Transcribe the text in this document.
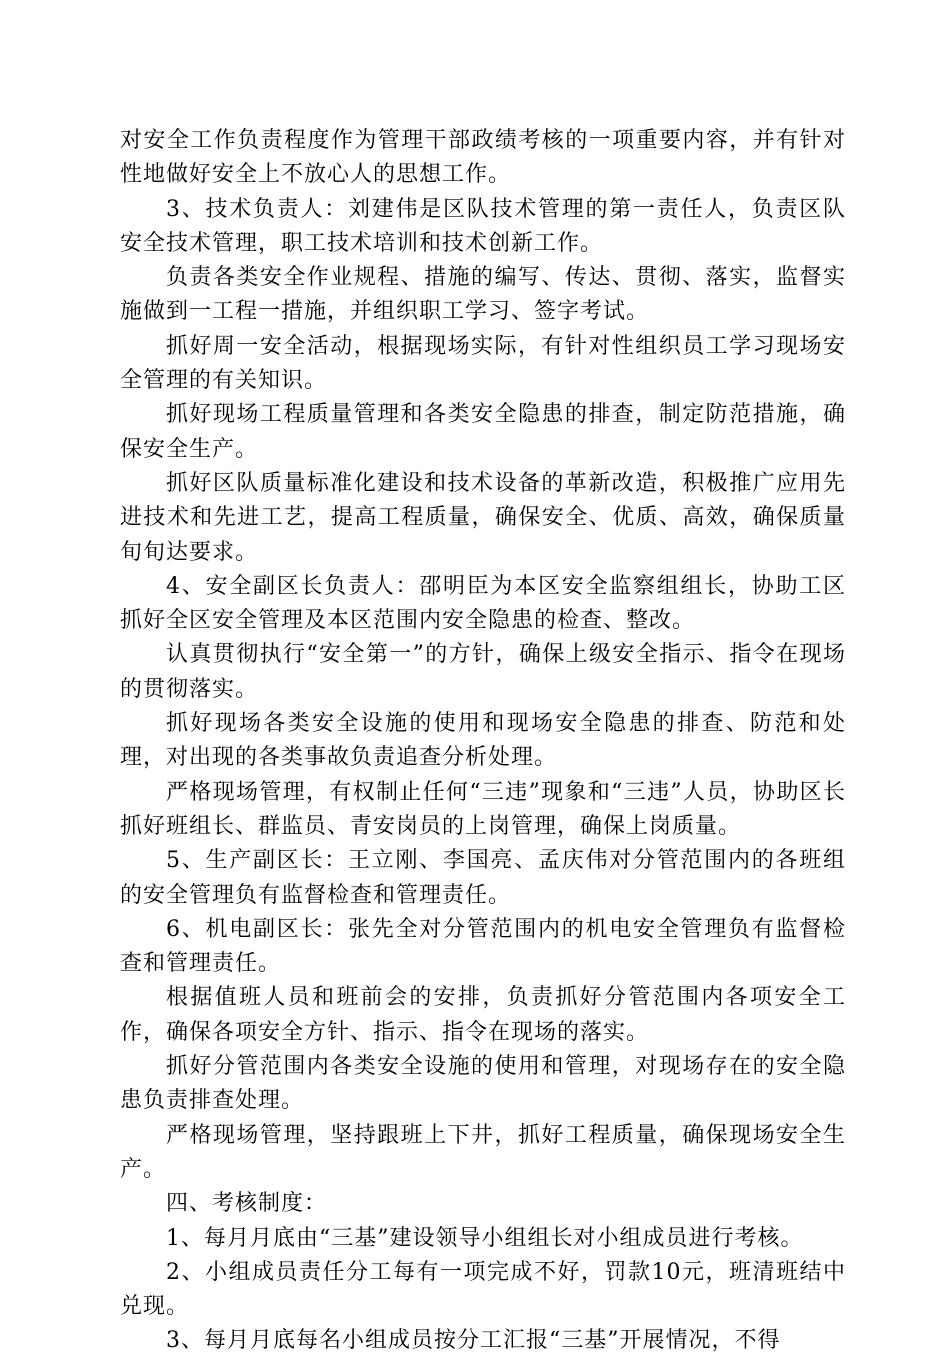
对安全工作负责程度作为管理干部政绩考核的一项重要内容，并有针对性地做好安全上不放心人的思想工作。

3、技术负责人：刘建伟是区队技术管理的第一责任人，负责区队安全技术管理，职工技术培训和技术创新工作。

负责各类安全作业规程、措施的编写、传达、贯彻、落实，监督实施做到一工程一措施，并组织职工学习、签字考试。

抓好周一安全活动，根据现场实际，有针对性组织员工学习现场安全管理的有关知识。

抓好现场工程质量管理和各类安全隐患的排查，制定防范措施，确保安全生产。

抓好区队质量标准化建设和技术设备的革新改造，积极推广应用先进技术和先进工艺，提高工程质量，确保安全、优质、高效，确保质量旬旬达要求。

4、安全副区长负责人：邵明臣为本区安全监察组组长，协助工区抓好全区安全管理及本区范围内安全隐患的检查、整改。

认真贯彻执行“安全第一”的方针，确保上级安全指示、指令在现场的贯彻落实。

抓好现场各类安全设施的使用和现场安全隐患的排查、防范和处理，对出现的各类事故负责追查分析处理。

严格现场管理，有权制止任何“三违”现象和“三违”人员，协助区长抓好班组长、群监员、青安岗员的上岗管理，确保上岗质量。

5、生产副区长：王立刚、李国亮、孟庆伟对分管范围内的各班组的安全管理负有监督检查和管理责任。

6、机电副区长：张先全对分管范围内的机电安全管理负有监督检查和管理责任。

根据值班人员和班前会的安排，负责抓好分管范围内各项安全工作，确保各项安全方针、指示、指令在现场的落实。

抓好分管范围内各类安全设施的使用和管理，对现场存在的安全隐患负责排查处理。

严格现场管理，坚持跟班上下井，抓好工程质量，确保现场安全生产。

四、考核制度：

1、每月月底由“三基”建设领导小组组长对小组成员进行考核。

2、小组成员责任分工每有一项完成不好，罚款10元，班清班结中兑现。

3、每月月底每名小组成员按分工汇报“三基”开展情况，不得
